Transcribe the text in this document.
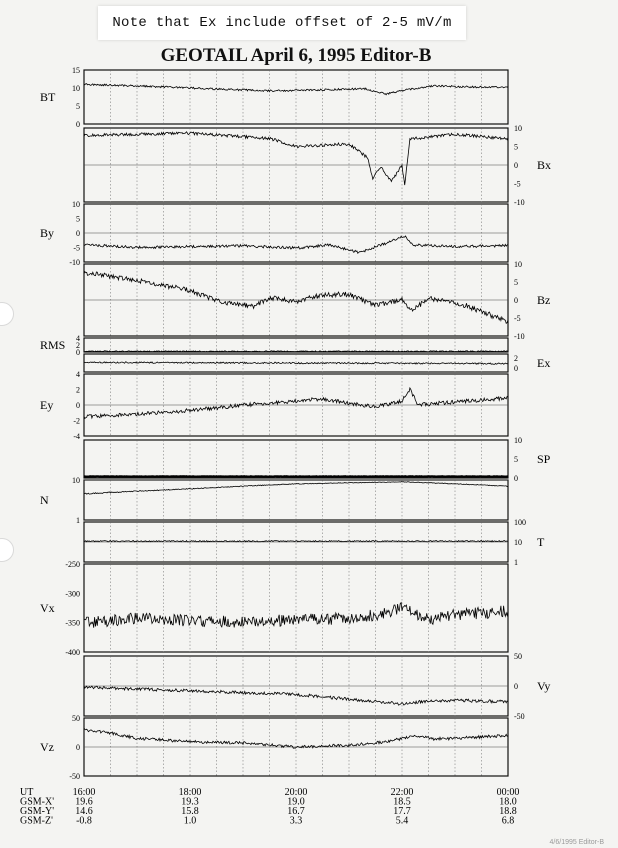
Note that Ex include offset of 2-5 mV/m
GEOTAIL April 6, 1995 Editor-B
BT
15
10
5
0
Bx
10
5
0
-5
-10
By
10
5
0
-5
-10
Bz
10
5
0
-5
-10
RMS 4
2
0
Ex
2
0
Ey
4
2
0
-2
-4
SP
10
5
0
N
10
1
T
100
10
1
Vx
-250
-300
-350
-400
Vy
50
0
-50
Vz
50
0
-50
UT	16:00	18:00	20:00	22:00	00:00
GSM-X' 19.6	19.3	19.0	18.5	18.0
GSM-Y' 14.6	15.8	16.7	17.7	18.8
GSM-Z' -0.8	1.0	3.3	5.4	6.8
4/6/1995 Editor-B
